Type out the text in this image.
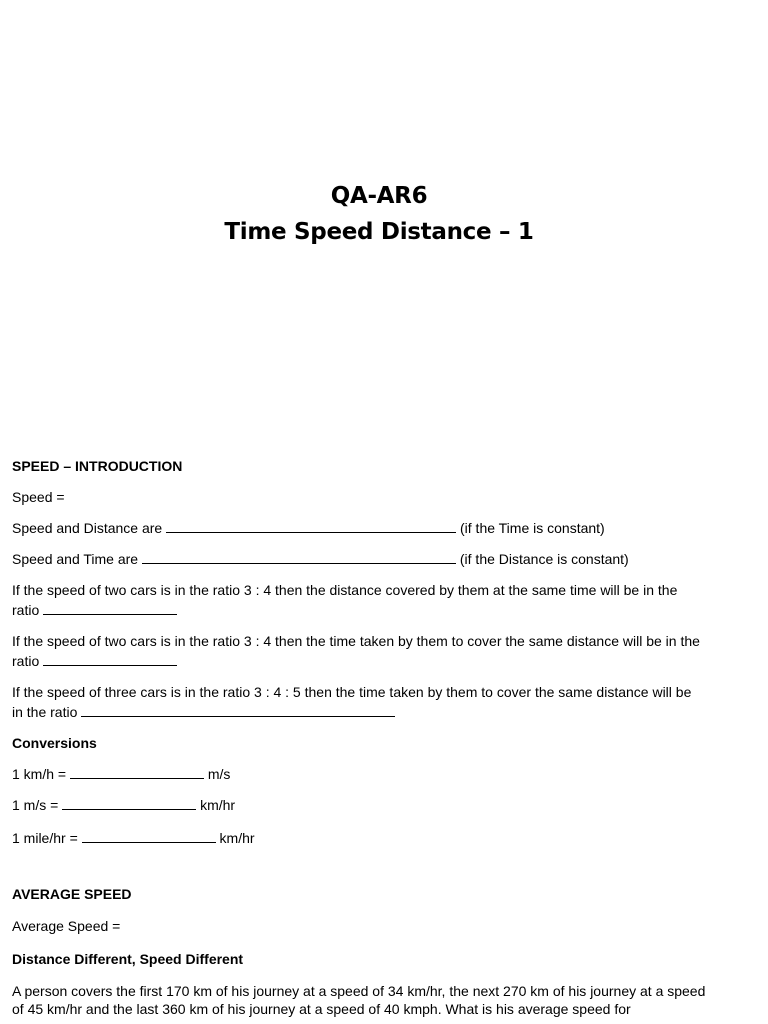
QA-AR6
Time Speed Distance – 1

SPEED – INTRODUCTION

Speed =

Speed and Distance are	(if the Time is constant)

Speed and Time are	(if the Distance is constant)

If the speed of two cars is in the ratio 3 : 4 then the distance covered by them at the same time will be in the ratio

If the speed of two cars is in the ratio 3 : 4 then the time taken by them to cover the same distance will be in the ratio

If the speed of three cars is in the ratio 3 : 4 : 5 then the time taken by them to cover the same distance will be in the ratio

Conversions

1 km/h =	m/s

1 m/s =	km/hr

1 mile/hr =	km/hr

AVERAGE SPEED

Average Speed =

Distance Different, Speed Different

A person covers the first 170 km of his journey at a speed of 34 km/hr, the next 270 km of his journey at a speed of 45 km/hr and the last 360 km of his journey at a speed of 40 kmph. What is his average speed for
